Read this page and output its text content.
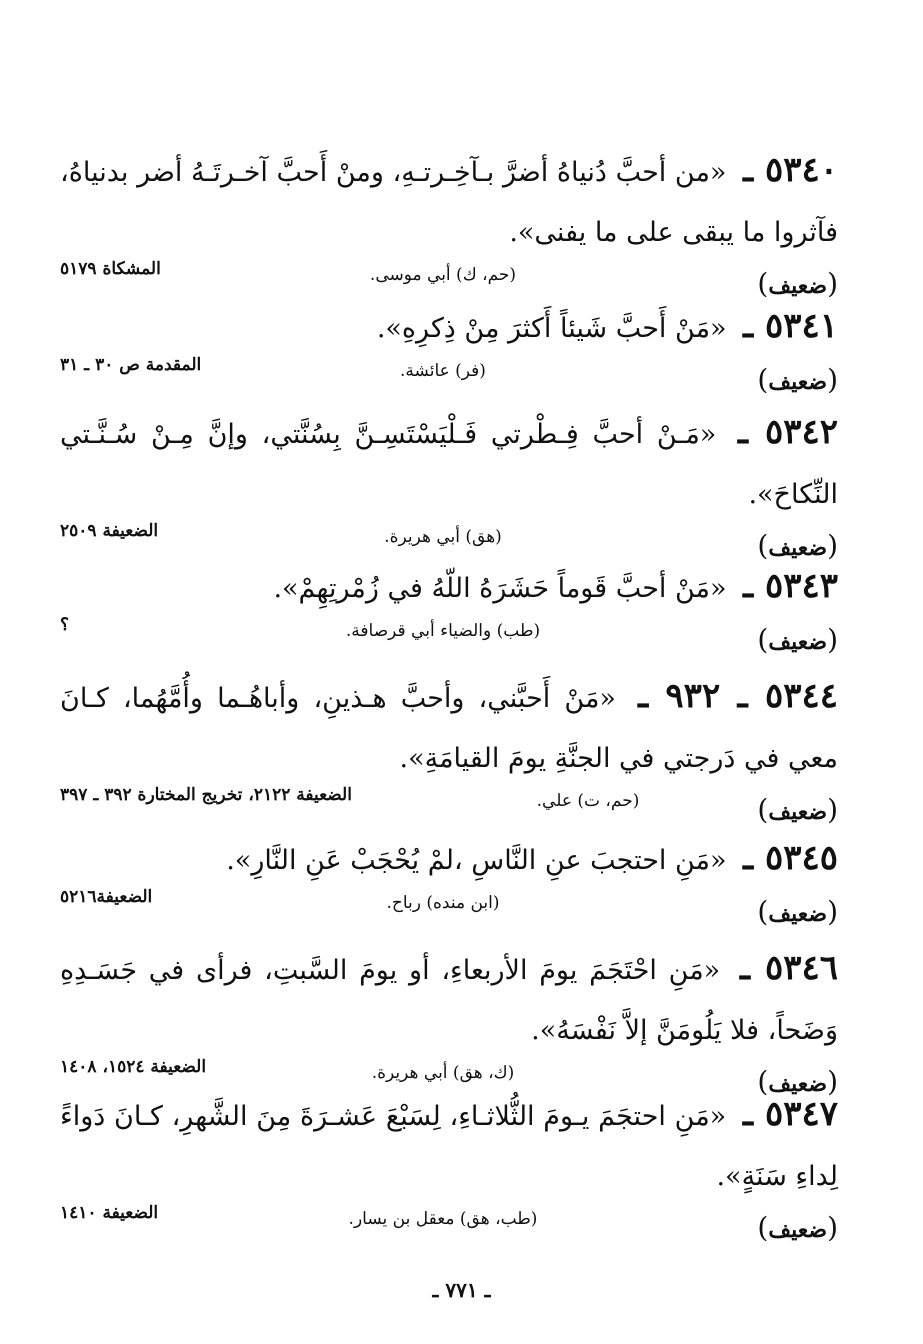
٥٣٤٠ ـ «من أحبَّ دُنياهُ أضرَّ بـآخِـرتـهِ، ومنْ أَحبَّ آخـرتَـهُ أضر بدنياهُ، فآثروا ما يبقى على ما يفنى».

(ضعيف)
(حم، ك) أبي موسى.
المشكاة ٥١٧٩

٥٣٤١ ـ «مَنْ أَحبَّ شَيئاً أَكثرَ مِنْ ذِكرِهِ».

(ضعيف)
(فر) عائشة.
المقدمة ص ٣٠ ـ ٣١

٥٣٤٢ ـ «مَـنْ أحبَّ فِـطْرتي فَـلْيَسْتَسِـنَّ بِسُنَّتي، وإنَّ مِـنْ سُـنَّـتي النِّكاحَ».

(ضعيف)
(هق) أبي هريرة.
الضعيفة ٢٥٠٩

٥٣٤٣ ـ «مَنْ أحبَّ قَوماً حَشَرَهُ اللّهُ في زُمْرتِهِمْ».

(ضعيف)
(طب) والضياء أبي قرصافة.
؟

٥٣٤٤ ـ ٩٣٢ ـ «مَنْ أَحبَّني، وأحبَّ هـذينِ، وأباهُـما وأُمَّهُما، كـانَ معي في دَرجتي في الجنَّةِ يومَ القيامَةِ».

(ضعيف)
(حم، ت) علي.
الضعيفة ٢١٢٢، تخريج المختارة ٣٩٢ ـ ٣٩٧

٥٣٤٥ ـ «مَنِ احتجبَ عنِ النَّاسِ ،لمْ يُحْجَبْ عَنِ النَّارِ».

(ضعيف)
(ابن منده) رباح.
الضعيفة٥٢١٦

٥٣٤٦ ـ «مَنِ احْتَجَمَ يومَ الأربعاءِ، أو يومَ السَّبتِ، فرأى في جَسَـدِهِ وَضَحاً، فلا يَلُومَنَّ إلاَّ نَفْسَهُ».

(ضعيف)
(ك، هق) أبي هريرة.
الضعيفة ١٥٢٤، ١٤٠٨

٥٣٤٧ ـ «مَنِ احتجَمَ يـومَ الثُّلاثـاءِ، لِسَبْعَ عَشـرَةَ مِنَ الشَّهرِ، كـانَ دَواءً لِداءِ سَنَةٍ».

(ضعيف)
(طب، هق) معقل بن يسار.
الضعيفة ١٤١٠
ـ ٧٧١ ـ
